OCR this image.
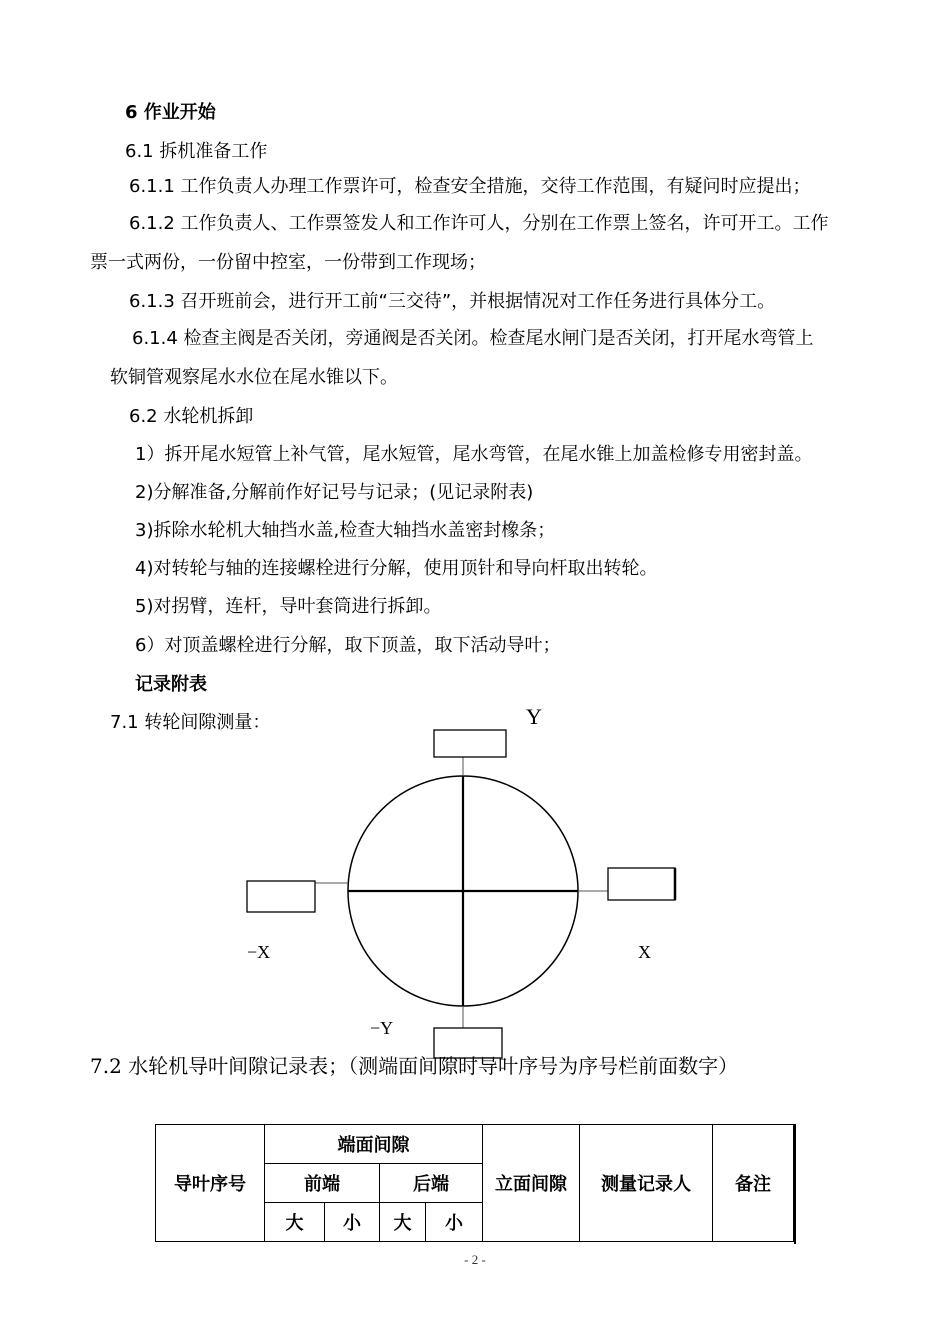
6 作业开始
6.1 拆机准备工作
6.1.1 工作负责人办理工作票许可，检查安全措施，交待工作范围，有疑问时应提出；
6.1.2 工作负责人、工作票签发人和工作许可人，分别在工作票上签名，许可开工。工作
票一式两份，一份留中控室，一份带到工作现场；
6.1.3 召开班前会，进行开工前“三交待”，并根据情况对工作任务进行具体分工。
6.1.4 检查主阀是否关闭，旁通阀是否关闭。检查尾水闸门是否关闭，打开尾水弯管上
软铜管观察尾水水位在尾水锥以下。
6.2 水轮机拆卸
1）拆开尾水短管上补气管，尾水短管，尾水弯管，在尾水锥上加盖检修专用密封盖。
2)分解准备,分解前作好记号与记录；(见记录附表)
3)拆除水轮机大轴挡水盖,检查大轴挡水盖密封橡条；
4)对转轮与轴的连接螺栓进行分解，使用顶针和导向杆取出转轮。
5)对拐臂，连杆，导叶套筒进行拆卸。
6）对顶盖螺栓进行分解，取下顶盖，取下活动导叶；
记录附表
7.1 转轮间隙测量：	Y
−Y
X
−X
7.2 水轮机导叶间隙记录表；（测端面间隙时导叶序号为序号栏前面数字）
导叶序号	端面间隙				立面间隙	测量记录人	备注
	前端		后端				
	大	小	大	小			
- 2 -
